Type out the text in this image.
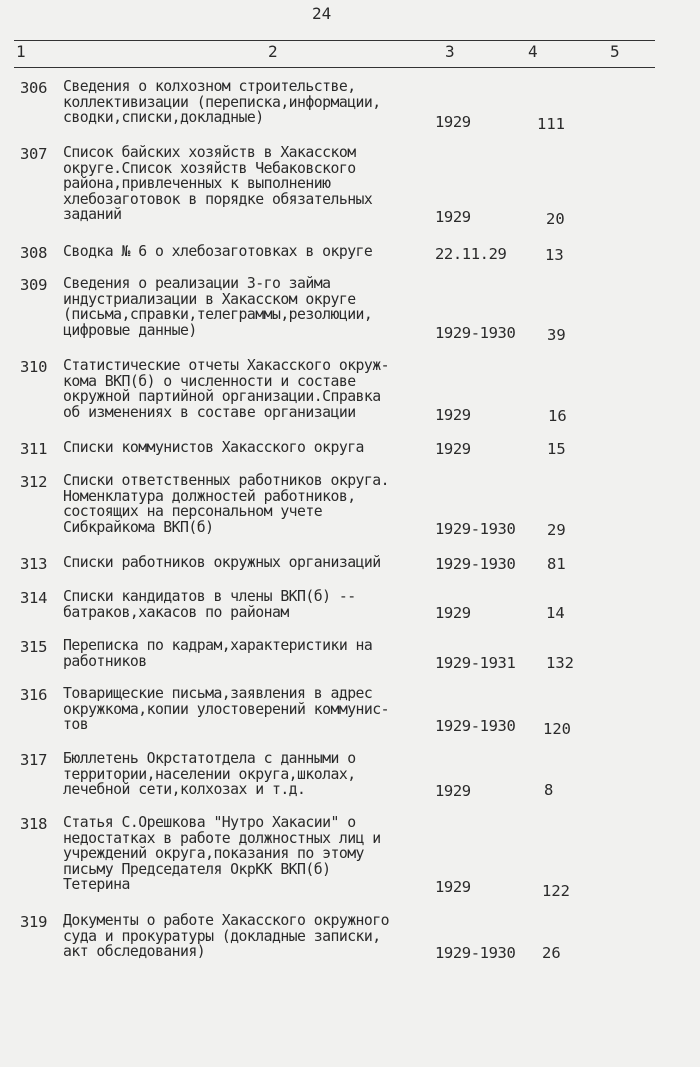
24
1	2	3	4	5
306 Сведения о колхозном строительстве,
коллективизации (переписка,информации,
сводки,списки,докладные)	1929	111
307 Список байских хозяйств в Хакасском
округе.Список хозяйств Чебаковского
района,привлеченных к выполнению
хлебозаготовок в порядке обязательных
заданий	1929	20
308 Сводка № 6 о хлебозаготовках в округе	22.11.29 13
309 Сведения о реализации 3-го займа
индустриализации в Хакасском округе
(письма,справки,телеграммы,резолюции,
цифровые данные)	1929-1930 39
310 Статистические отчеты Хакасского окруж-
кома ВКП(б) о численности и составе
окружной партийной организации.Справка
об изменениях в составе организации	1929	16
311 Списки коммунистов Хакасского округа	1929	15
312 Списки ответственных работников округа.
Номенклатура должностей работников,
состоящих на персональном учете
Сибкрайкома ВКП(б)	1929-1930 29
313 Списки работников окружных организаций	1929-1930 81
314 Списки кандидатов в члены ВКП(б) --
батраков,хакасов по районам	1929	14
315 Переписка по кадрам,характеристики на
работников	1929-1931 132
316 Товарищеские письма,заявления в адрес
окружкома,копии улостоверений коммунис-
тов	1929-1930 120
317 Бюллетень Окрстатотдела с данными о
территории,населении округа,школах,
лечебной сети,колхозах и т.д.	1929	8
318 Статья С.Орешкова "Нутро Хакасии" о
недостатках в работе должностных лиц и
учреждений округа,показания по этому
письму Председателя ОкрКК ВКП(б)
Тетерина	1929	122
319 Документы о работе Хакасского окружного
суда и прокуратуры (докладные записки,
акт обследования)	1929-1930 26
